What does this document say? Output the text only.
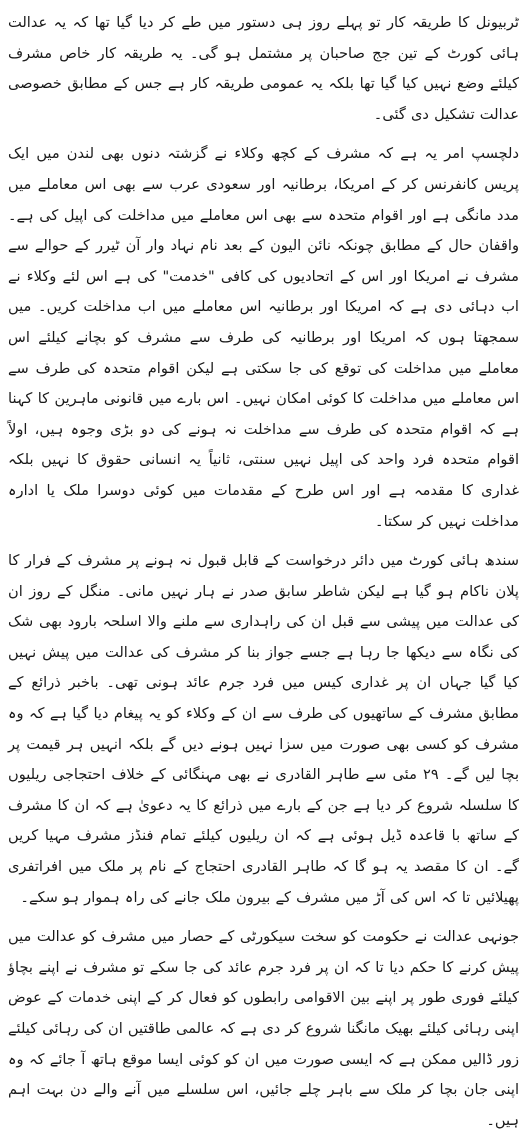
ٹربیونل کا طریقہ کار تو پہلے روز ہی دستور میں طے کر دیا گیا تھا کہ یہ عدالت ہائی کورٹ کے تین جج صاحبان پر مشتمل ہو گی۔ یہ طریقہ کار خاص مشرف کیلئے وضع نہیں کیا گیا تھا بلکہ یہ عمومی طریقہ کار ہے جس کے مطابق خصوصی عدالت تشکیل دی گئی۔

دلچسپ امر یہ ہے کہ مشرف کے کچھ وکلاء نے گزشتہ دنوں بھی لندن میں ایک پریس کانفرنس کر کے امریکا، برطانیہ اور سعودی عرب سے بھی اس معاملے میں مدد مانگی ہے اور اقوام متحدہ سے بھی اس معاملے میں مداخلت کی اپیل کی ہے۔ واقفان حال کے مطابق چونکہ نائن الیون کے بعد نام نہاد وار آن ٹیرر کے حوالے سے مشرف نے امریکا اور اس کے اتحادیوں کی کافی "خدمت" کی ہے اس لئے وکلاء نے اب دہائی دی ہے کہ امریکا اور برطانیہ اس معاملے میں اب مداخلت کریں۔ میں سمجھتا ہوں کہ امریکا اور برطانیہ کی طرف سے مشرف کو بچانے کیلئے اس معاملے میں مداخلت کی توقع کی جا سکتی ہے لیکن اقوام متحدہ کی طرف سے اس معاملے میں مداخلت کا کوئی امکان نہیں۔ اس بارے میں قانونی ماہرین کا کہنا ہے کہ اقوام متحدہ کی طرف سے مداخلت نہ ہونے کی دو بڑی وجوہ ہیں، اولاً اقوام متحدہ فرد واحد کی اپیل نہیں سنتی، ثانیاً یہ انسانی حقوق کا نہیں بلکہ غداری کا مقدمہ ہے اور اس طرح کے مقدمات میں کوئی دوسرا ملک یا ادارہ مداخلت نہیں کر سکتا۔

سندھ ہائی کورٹ میں دائر درخواست کے قابل قبول نہ ہونے پر مشرف کے فرار کا پلان ناکام ہو گیا ہے لیکن شاطر سابق صدر نے ہار نہیں مانی۔ منگل کے روز ان کی عدالت میں پیشی سے قبل ان کی راہداری سے ملنے والا اسلحہ بارود بھی شک کی نگاہ سے دیکھا جا رہا ہے جسے جواز بنا کر مشرف کی عدالت میں پیش نہیں کیا گیا جہاں ان پر غداری کیس میں فرد جرم عائد ہونی تھی۔ باخبر ذرائع کے مطابق مشرف کے ساتھیوں کی طرف سے ان کے وکلاء کو یہ پیغام دیا گیا ہے کہ وہ مشرف کو کسی بھی صورت میں سزا نہیں ہونے دیں گے بلکہ انہیں ہر قیمت پر بچا لیں گے۔ ۲۹ مئی سے طاہر القادری نے بھی مہنگائی کے خلاف احتجاجی ریلیوں کا سلسلہ شروع کر دیا ہے جن کے بارے میں ذرائع کا یہ دعویٰ ہے کہ ان کا مشرف کے ساتھ با قاعدہ ڈیل ہوئی ہے کہ ان ریلیوں کیلئے تمام فنڈز مشرف مہیا کریں گے۔ ان کا مقصد یہ ہو گا کہ طاہر القادری احتجاج کے نام پر ملک میں افراتفری پھیلائیں تا کہ اس کی آڑ میں مشرف کے بیرون ملک جانے کی راہ ہموار ہو سکے۔

جونہی عدالت نے حکومت کو سخت سیکورٹی کے حصار میں مشرف کو عدالت میں پیش کرنے کا حکم دیا تا کہ ان پر فرد جرم عائد کی جا سکے تو مشرف نے اپنے بچاؤ کیلئے فوری طور پر اپنے بین الاقوامی رابطوں کو فعال کر کے اپنی خدمات کے عوض اپنی رہائی کیلئے بھیک مانگنا شروع کر دی ہے کہ عالمی طاقتیں ان کی رہائی کیلئے زور ڈالیں ممکن ہے کہ ایسی صورت میں ان کو کوئی ایسا موقع ہاتھ آ جائے کہ وہ اپنی جان بچا کر ملک سے باہر چلے جائیں، اس سلسلے میں آنے والے دن بہت اہم ہیں۔
